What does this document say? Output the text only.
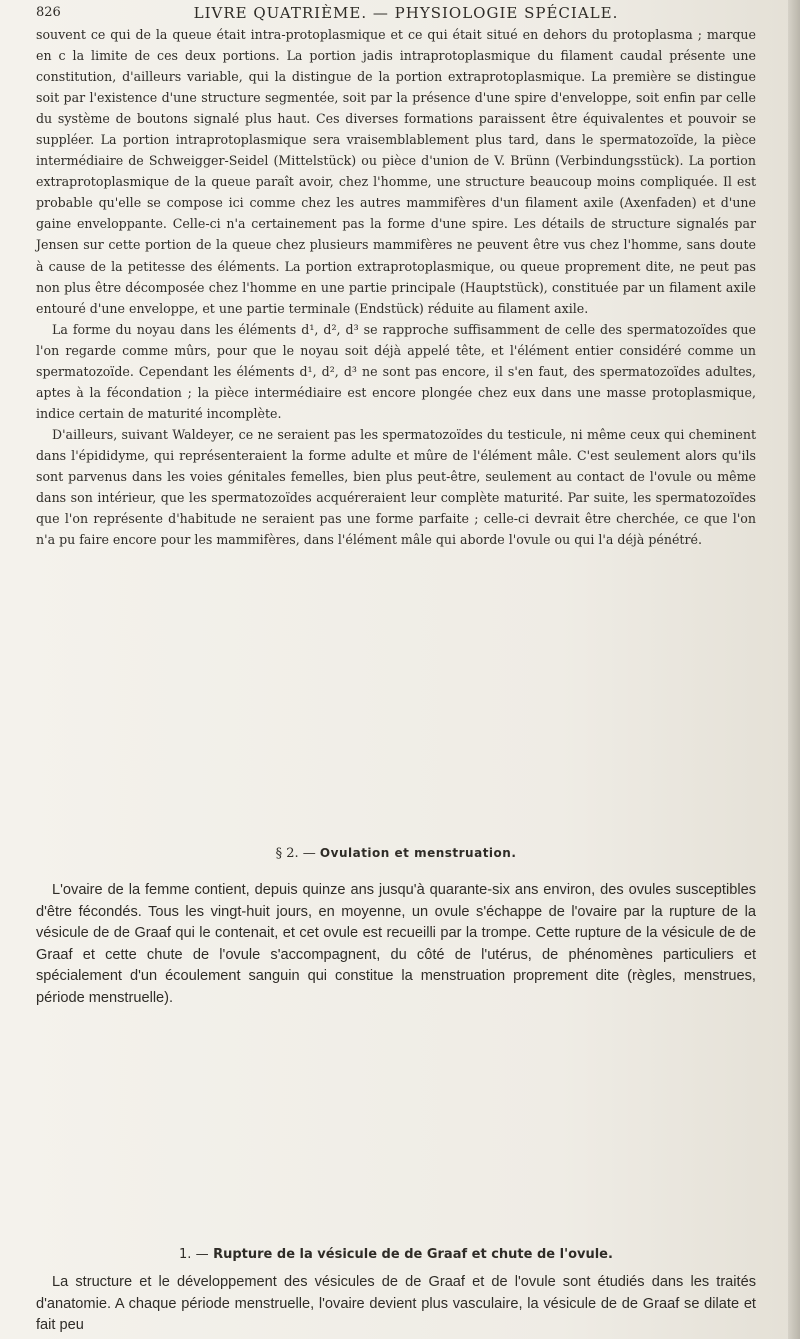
826	LIVRE QUATRIÈME. — PHYSIOLOGIE SPÉCIALE.

souvent ce qui de la queue était intra-protoplasmique et ce qui était situé en dehors du protoplasma ; marque en c la limite de ces deux portions. La portion jadis intraprotoplasmique du filament caudal présente une constitution, d'ailleurs variable, qui la distingue de la portion extraprotoplasmique. La première se distingue soit par l'existence d'une structure segmentée, soit par la présence d'une spire d'enveloppe, soit enfin par celle du système de boutons signalé plus haut. Ces diverses formations paraissent être équivalentes et pouvoir se suppléer. La portion intraprotoplasmique sera vraisemblablement plus tard, dans le spermatozoïde, la pièce intermédiaire de Schweigger-Seidel (Mittelstück) ou pièce d'union de V. Brünn (Verbindungsstück). La portion extraprotoplasmique de la queue paraît avoir, chez l'homme, une structure beaucoup moins compliquée. Il est probable qu'elle se compose ici comme chez les autres mammifères d'un filament axile (Axenfaden) et d'une gaine enveloppante. Celle-ci n'a certainement pas la forme d'une spire. Les détails de structure signalés par Jensen sur cette portion de la queue chez plusieurs mammifères ne peuvent être vus chez l'homme, sans doute à cause de la petitesse des éléments. La portion extraprotoplasmique, ou queue proprement dite, ne peut pas non plus être décomposée chez l'homme en une partie principale (Hauptstück), constituée par un filament axile entouré d'une enveloppe, et une partie terminale (Endstück) réduite au filament axile.

La forme du noyau dans les éléments d¹, d², d³ se rapproche suffisamment de celle des spermatozoïdes que l'on regarde comme mûrs, pour que le noyau soit déjà appelé tête, et l'élément entier considéré comme un spermatozoïde. Cependant les éléments d¹, d², d³ ne sont pas encore, il s'en faut, des spermatozoïdes adultes, aptes à la fécondation ; la pièce intermédiaire est encore plongée chez eux dans une masse protoplasmique, indice certain de maturité incomplète.

D'ailleurs, suivant Waldeyer, ce ne seraient pas les spermatozoïdes du testicule, ni même ceux qui cheminent dans l'épididyme, qui représenteraient la forme adulte et mûre de l'élément mâle. C'est seulement alors qu'ils sont parvenus dans les voies génitales femelles, bien plus peut-être, seulement au contact de l'ovule ou même dans son intérieur, que les spermatozoïdes acquéreraient leur complète maturité. Par suite, les spermatozoïdes que l'on représente d'habitude ne seraient pas une forme parfaite ; celle-ci devrait être cherchée, ce que l'on n'a pu faire encore pour les mammifères, dans l'élément mâle qui aborde l'ovule ou qui l'a déjà pénétré.

§ 2. — Ovulation et menstruation.

L'ovaire de la femme contient, depuis quinze ans jusqu'à quarante-six ans environ, des ovules susceptibles d'être fécondés. Tous les vingt-huit jours, en moyenne, un ovule s'échappe de l'ovaire par la rupture de la vésicule de de Graaf qui le contenait, et cet ovule est recueilli par la trompe. Cette rupture de la vésicule de de Graaf et cette chute de l'ovule s'accompagnent, du côté de l'utérus, de phénomènes particuliers et spécialement d'un écoulement sanguin qui constitue la menstruation proprement dite (règles, menstrues, période menstruelle).

1. — Rupture de la vésicule de de Graaf et chute de l'ovule.

La structure et le développement des vésicules de de Graaf et de l'ovule sont étudiés dans les traités d'anatomie. A chaque période menstruelle, l'ovaire devient plus vasculaire, la vésicule de de Graaf se dilate et fait peu
